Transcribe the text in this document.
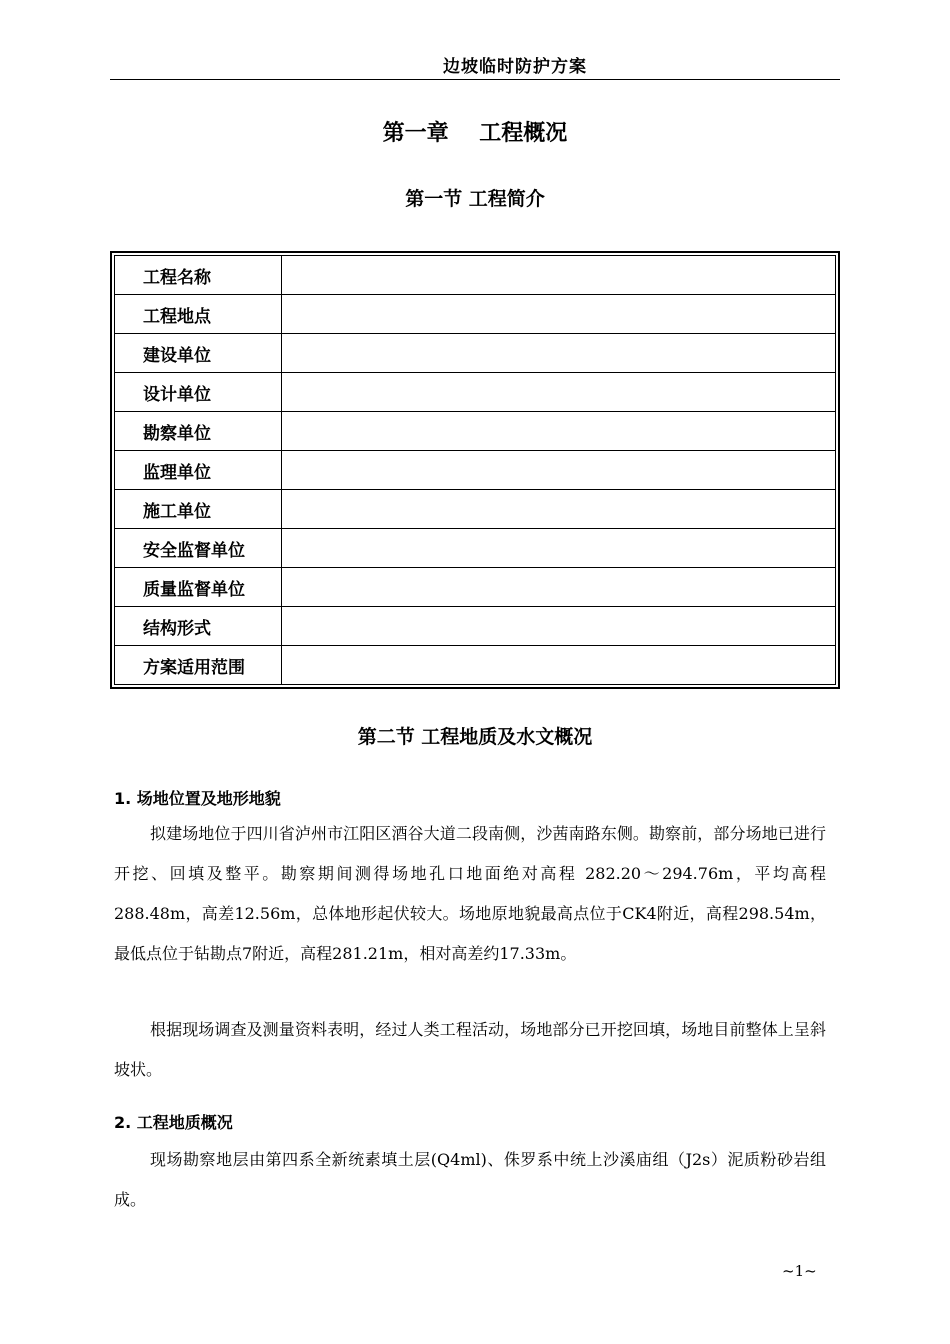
边坡临时防护方案
第一章    工程概况
第一节 工程简介
工程名称	
工程地点	
建设单位	
设计单位	
勘察单位	
监理单位	
施工单位	
安全监督单位	
质量监督单位	
结构形式	
方案适用范围	
第二节 工程地质及水文概况
1. 场地位置及地形地貌
拟建场地位于四川省泸州市江阳区酒谷大道二段南侧，沙茜南路东侧。勘察前，部分场地已进行开挖、回填及整平。勘察期间测得场地孔口地面绝对高程 282.20～294.76m，平均高程288.48m，高差12.56m，总体地形起伏较大。场地原地貌最高点位于CK4附近，高程298.54m，最低点位于钻勘点7附近，高程281.21m，相对高差约17.33m。
根据现场调查及测量资料表明，经过人类工程活动，场地部分已开挖回填，场地目前整体上呈斜坡状。
2. 工程地质概况
现场勘察地层由第四系全新统素填土层(Q4ml)、侏罗系中统上沙溪庙组（J2s）泥质粉砂岩组成。
~1~
